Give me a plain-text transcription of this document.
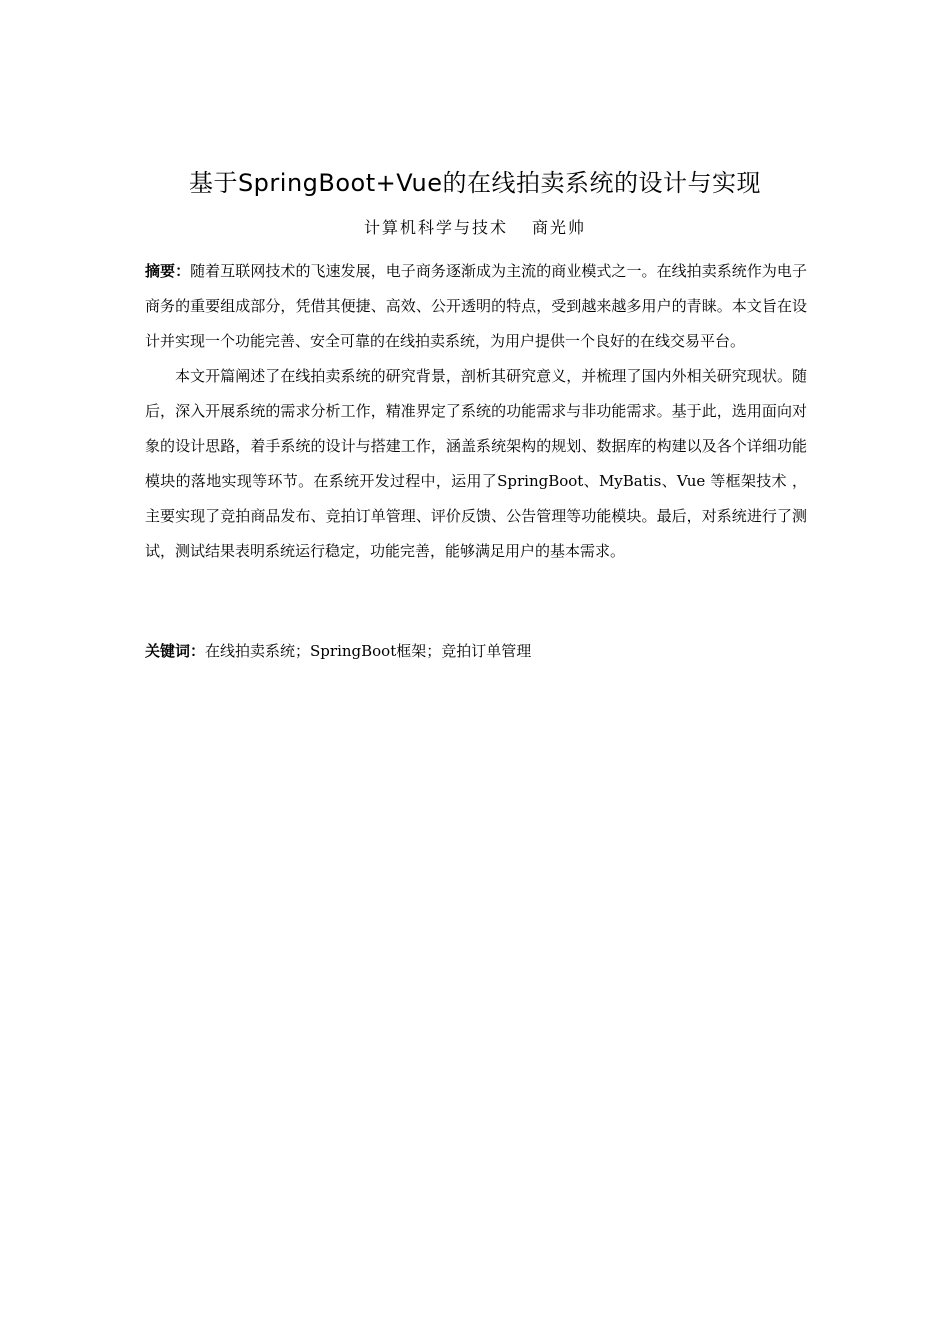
基于SpringBoot+Vue的在线拍卖系统的设计与实现
计算机科学与技术 商光帅

摘要：随着互联网技术的飞速发展，电子商务逐渐成为主流的商业模式之一。在线拍卖系统作为电子商务的重要组成部分，凭借其便捷、高效、公开透明的特点，受到越来越多用户的青睐。本文旨在设计并实现一个功能完善、安全可靠的在线拍卖系统，为用户提供一个良好的在线交易平台。

本文开篇阐述了在线拍卖系统的研究背景，剖析其研究意义，并梳理了国内外相关研究现状。随后，深入开展系统的需求分析工作，精准界定了系统的功能需求与非功能需求。基于此，选用面向对象的设计思路，着手系统的设计与搭建工作，涵盖系统架构的规划、数据库的构建以及各个详细功能模块的落地实现等环节。在系统开发过程中，运用了SpringBoot、MyBatis、Vue 等框架技术 ，主要实现了竞拍商品发布、竞拍订单管理、评价反馈、公告管理等功能模块。最后，对系统进行了测试，测试结果表明系统运行稳定，功能完善，能够满足用户的基本需求。

关键词：在线拍卖系统；SpringBoot框架；竞拍订单管理
